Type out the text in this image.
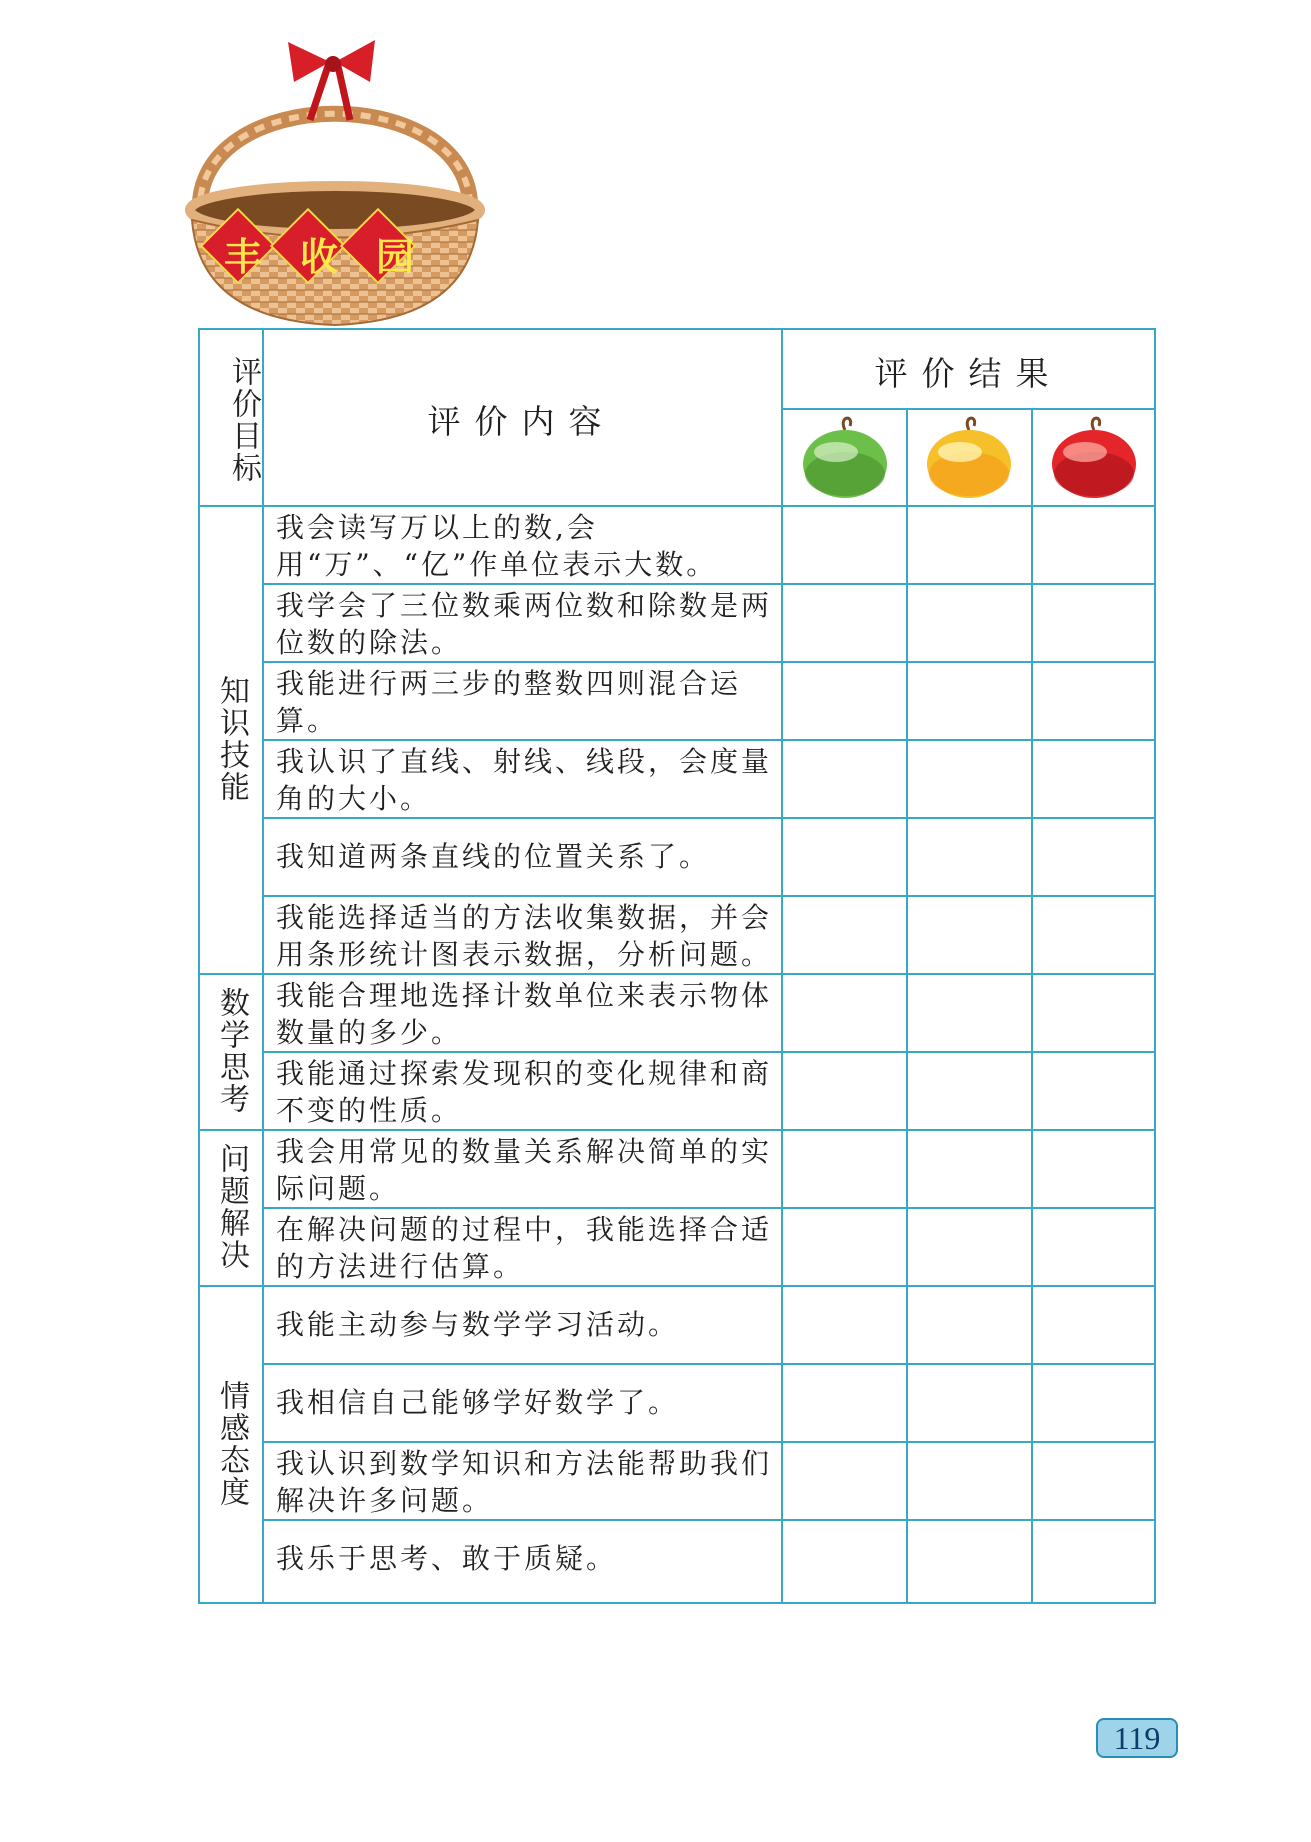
丰收园
评价目标	评价内容
评价结果
知识技能
数学思考
问题解决
情感态度
我会读写万以上的数,会用“万”、“亿”作单位表示大数。
我学会了三位数乘两位数和除数是两位数的除法。
我能进行两三步的整数四则混合运算。
我认识了直线、射线、线段，会度量角的大小。
我知道两条直线的位置关系了。
我能选择适当的方法收集数据，并会用条形统计图表示数据，分析问题。
我能合理地选择计数单位来表示物体数量的多少。
我能通过探索发现积的变化规律和商不变的性质。
我会用常见的数量关系解决简单的实际问题。
在解决问题的过程中，我能选择合适的方法进行估算。
我能主动参与数学学习活动。
我相信自己能够学好数学了。
我认识到数学知识和方法能帮助我们解决许多问题。
我乐于思考、敢于质疑。
119
